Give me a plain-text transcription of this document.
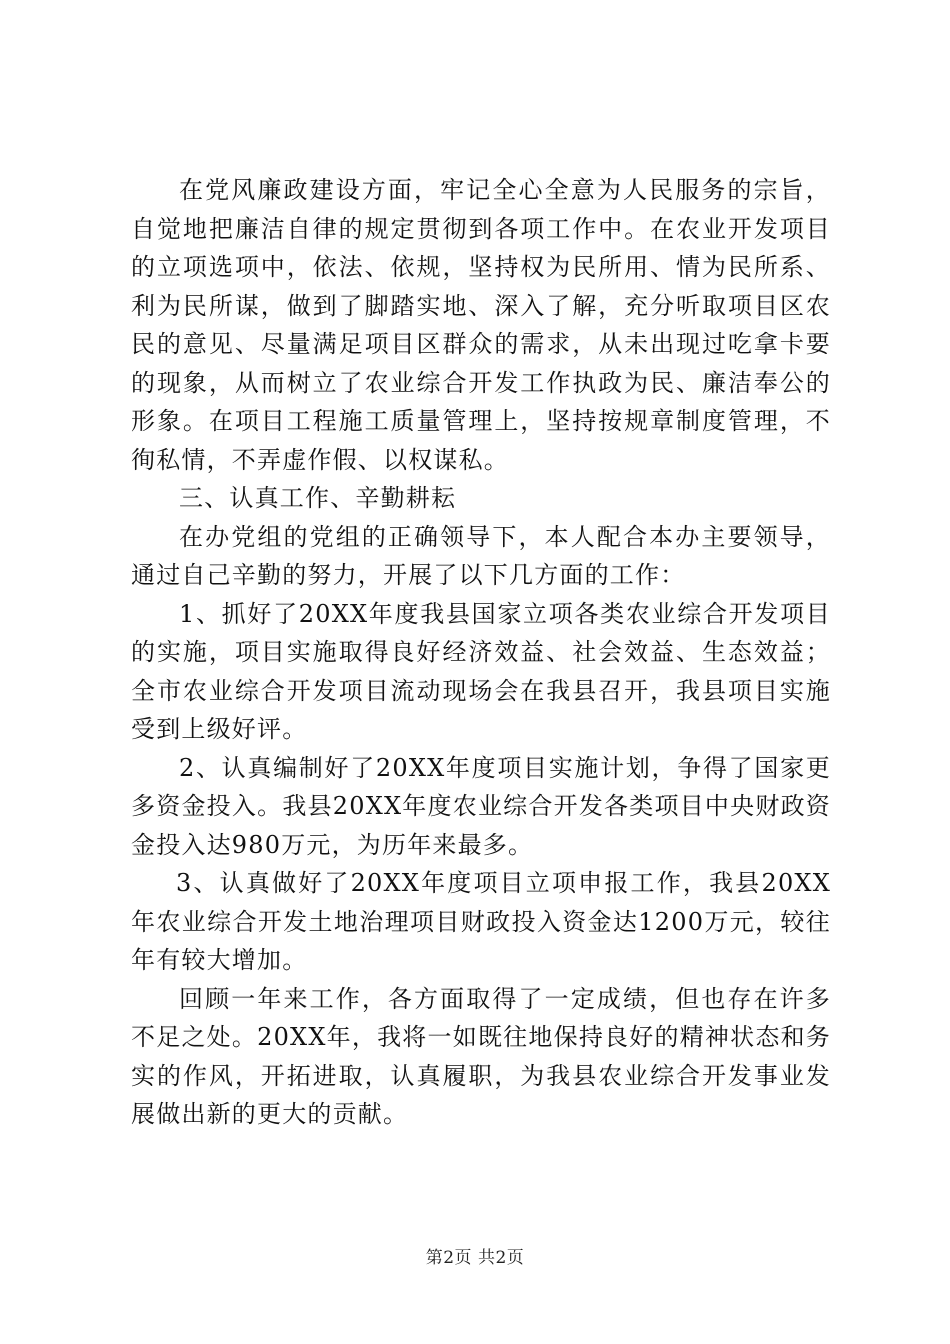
在党风廉政建设方面，牢记全心全意为人民服务的宗旨，自觉地把廉洁自律的规定贯彻到各项工作中。在农业开发项目的立项选项中，依法、依规，坚持权为民所用、情为民所系、利为民所谋，做到了脚踏实地、深入了解，充分听取项目区农民的意见、尽量满足项目区群众的需求，从未出现过吃拿卡要的现象，从而树立了农业综合开发工作执政为民、廉洁奉公的形象。在项目工程施工质量管理上，坚持按规章制度管理，不徇私情，不弄虚作假、以权谋私。

三、认真工作、辛勤耕耘

在办党组的党组的正确领导下，本人配合本办主要领导，通过自己辛勤的努力，开展了以下几方面的工作：

1、抓好了20XX年度我县国家立项各类农业综合开发项目的实施，项目实施取得良好经济效益、社会效益、生态效益；全市农业综合开发项目流动现场会在我县召开，我县项目实施受到上级好评。

2、认真编制好了20XX年度项目实施计划，争得了国家更多资金投入。我县20XX年度农业综合开发各类项目中央财政资金投入达980万元，为历年来最多。

3、认真做好了20XX年度项目立项申报工作，我县20XX年农业综合开发土地治理项目财政投入资金达1200万元，较往年有较大增加。

回顾一年来工作，各方面取得了一定成绩，但也存在许多不足之处。20XX年，我将一如既往地保持良好的精神状态和务实的作风，开拓进取，认真履职，为我县农业综合开发事业发展做出新的更大的贡献。

第2页 共2页
